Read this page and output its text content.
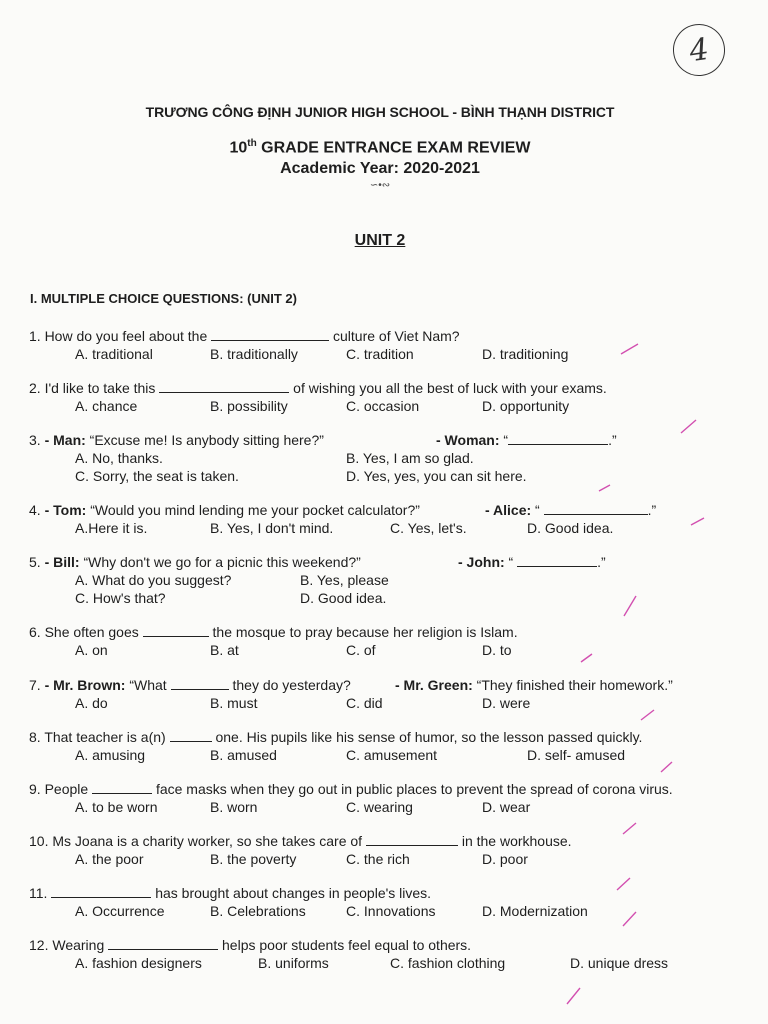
4
TRƯƠNG CÔNG ĐỊNH JUNIOR HIGH SCHOOL - BÌNH THẠNH DISTRICT
10th GRADE ENTRANCE EXAM REVIEW
Academic Year: 2020-2021
∽•∾
UNIT 2
I. MULTIPLE CHOICE QUESTIONS: (UNIT 2)
1. How do you feel about the	culture of Viet Nam?
A. traditional	B. traditionally	C. tradition	D. traditioning
2. I'd like to take this	of wishing you all the best of luck with your exams.
A. chance	B. possibility	C. occasion	D. opportunity
3. - Man: “Excuse me! Is anybody sitting here?”	- Woman: “	.”
A. No, thanks.	B. Yes, I am so glad.
C. Sorry, the seat is taken.	D. Yes, yes, you can sit here.
4. - Tom: “Would you mind lending me your pocket calculator?”	- Alice: “	.”
A.Here it is.	B. Yes, I don't mind.	C. Yes, let's.	D. Good idea.
5. - Bill: “Why don't we go for a picnic this weekend?”	- John: “	.”
A. What do you suggest?	B. Yes, please
C. How's that?	D. Good idea.
6. She often goes	the mosque to pray because her religion is Islam.
A. on	B. at	C. of	D. to
7. - Mr. Brown: “What	they do yesterday?	- Mr. Green: “They finished their homework.”
A. do	B. must	C. did	D. were
8. That teacher is a(n)	one. His pupils like his sense of humor, so the lesson passed quickly.
A. amusing	B. amused	C. amusement	D. self- amused
9. People	face masks when they go out in public places to prevent the spread of corona virus.
A. to be worn	B. worn	C. wearing	D. wear
10. Ms Joana is a charity worker, so she takes care of	in the workhouse.
A. the poor	B. the poverty	C. the rich	D. poor
11.	has brought about changes in people's lives.
A. Occurrence	B. Celebrations	C. Innovations	D. Modernization
12. Wearing	helps poor students feel equal to others.
A. fashion designers	B. uniforms	C. fashion clothing	D. unique dress
